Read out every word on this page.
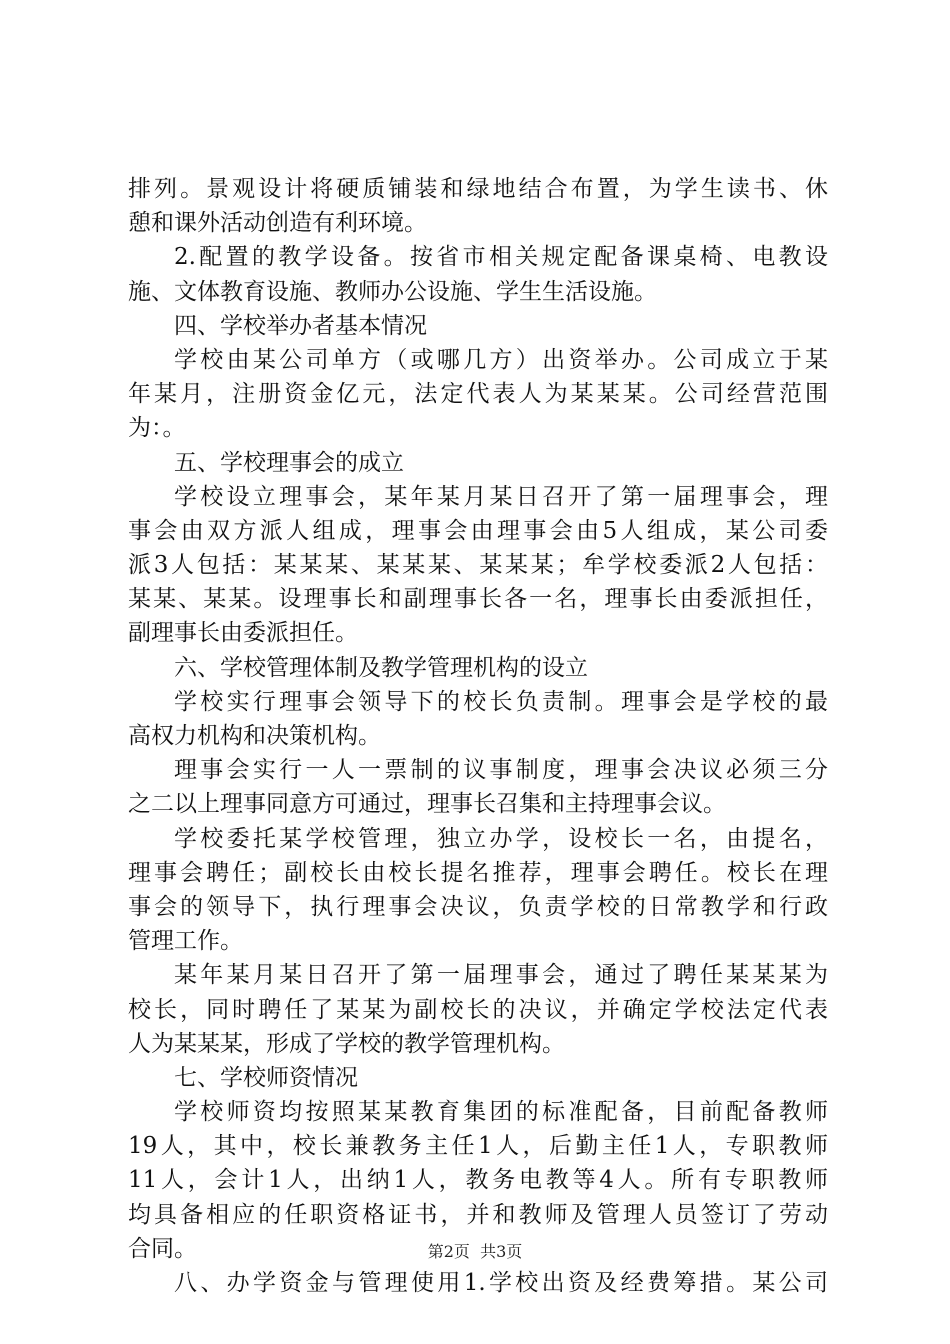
排列。景观设计将硬质铺装和绿地结合布置，为学生读书、休
憩和课外活动创造有利环境。
2.配置的教学设备。按省市相关规定配备课桌椅、电教设
施、文体教育设施、教师办公设施、学生生活设施。
四、学校举办者基本情况
学校由某公司单方（或哪几方）出资举办。公司成立于某
年某月，注册资金亿元，法定代表人为某某某。公司经营范围
为：。
五、学校理事会的成立
学校设立理事会，某年某月某日召开了第一届理事会，理
事会由双方派人组成，理事会由理事会由5人组成，某公司委
派3人包括：某某某、某某某、某某某；牟学校委派2人包括：
某某、某某。设理事长和副理事长各一名，理事长由委派担任，
副理事长由委派担任。
六、学校管理体制及教学管理机构的设立
学校实行理事会领导下的校长负责制。理事会是学校的最
高权力机构和决策机构。
理事会实行一人一票制的议事制度，理事会决议必须三分
之二以上理事同意方可通过，理事长召集和主持理事会议。
学校委托某学校管理，独立办学，设校长一名，由提名，
理事会聘任；副校长由校长提名推荐，理事会聘任。校长在理
事会的领导下，执行理事会决议，负责学校的日常教学和行政
管理工作。
某年某月某日召开了第一届理事会，通过了聘任某某某为
校长，同时聘任了某某为副校长的决议，并确定学校法定代表
人为某某某，形成了学校的教学管理机构。
七、学校师资情况
学校师资均按照某某教育集团的标准配备，目前配备教师
19人，其中，校长兼教务主任1人，后勤主任1人，专职教师
11人，会计1人，出纳1人，教务电教等4人。所有专职教师
均具备相应的任职资格证书，并和教师及管理人员签订了劳动
合同。
八、办学资金与管理使用1.学校出资及经费筹措。某公司
第2页  共3页
